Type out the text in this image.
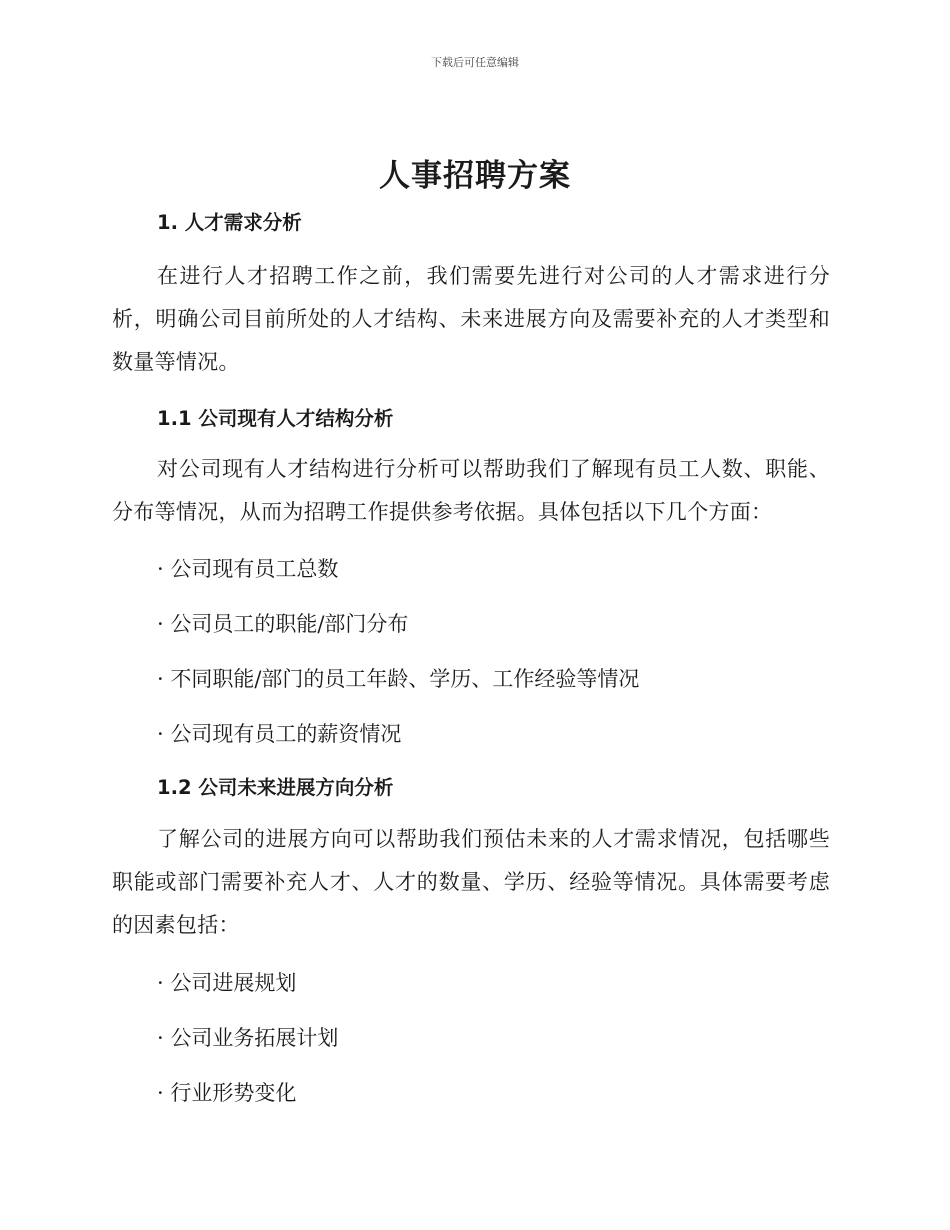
下载后可任意编辑
人事招聘方案
1. 人才需求分析

在进行人才招聘工作之前，我们需要先进行对公司的人才需求进行分析，明确公司目前所处的人才结构、未来进展方向及需要补充的人才类型和数量等情况。

1.1 公司现有人才结构分析

对公司现有人才结构进行分析可以帮助我们了解现有员工人数、职能、分布等情况，从而为招聘工作提供参考依据。具体包括以下几个方面：

· 公司现有员工总数
· 公司员工的职能/部门分布
· 不同职能/部门的员工年龄、学历、工作经验等情况
· 公司现有员工的薪资情况
1.2 公司未来进展方向分析

了解公司的进展方向可以帮助我们预估未来的人才需求情况，包括哪些职能或部门需要补充人才、人才的数量、学历、经验等情况。具体需要考虑的因素包括：

· 公司进展规划
· 公司业务拓展计划
· 行业形势变化
